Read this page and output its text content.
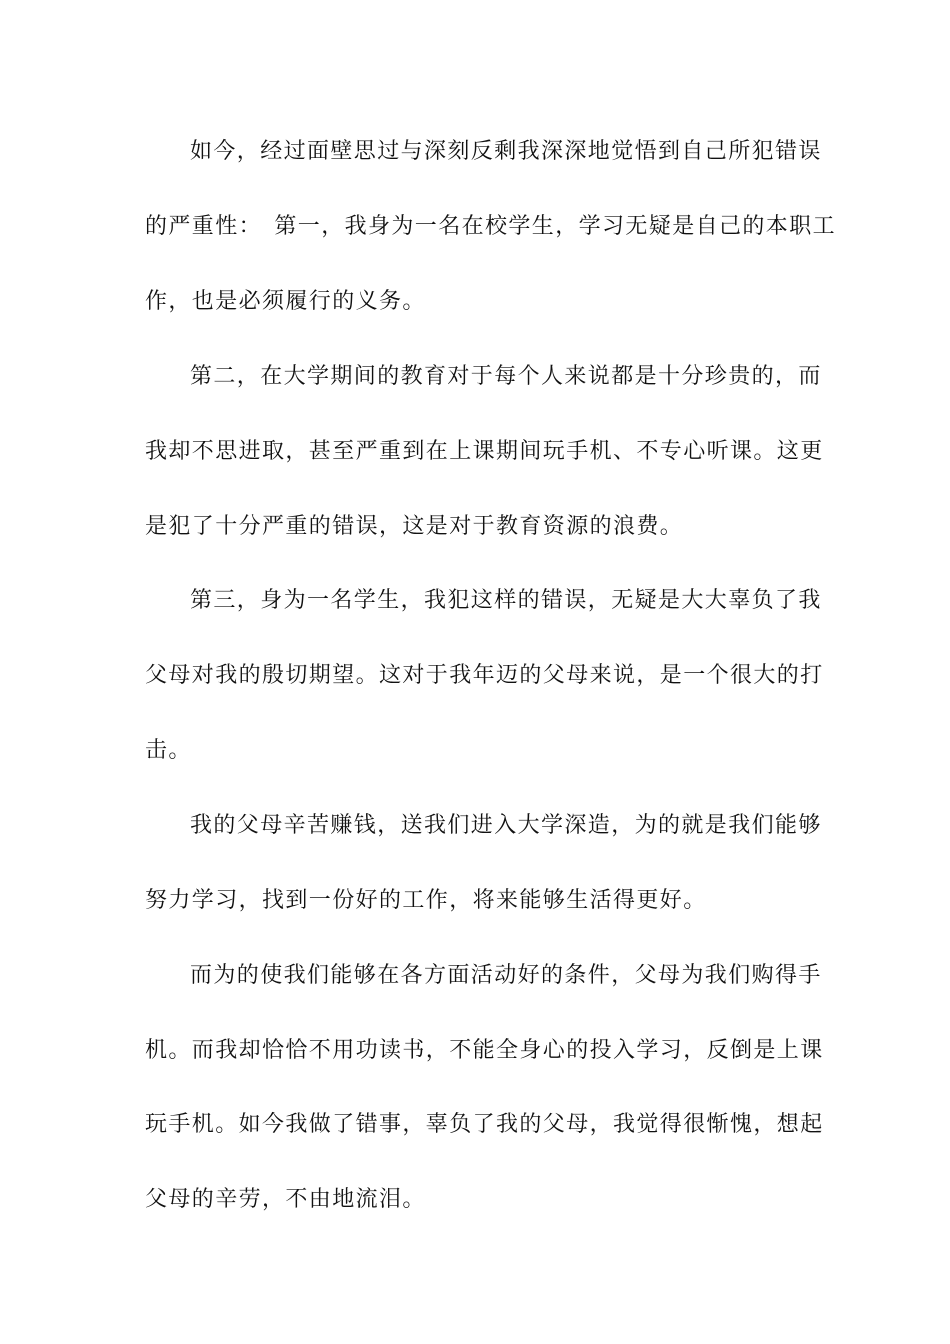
如今，经过面壁思过与深刻反剩我深深地觉悟到自己所犯错误
的严重性：　第一，我身为一名在校学生，学习无疑是自己的本职工
作，也是必须履行的义务。
第二，在大学期间的教育对于每个人来说都是十分珍贵的，而
我却不思进取，甚至严重到在上课期间玩手机、不专心听课。这更
是犯了十分严重的错误，这是对于教育资源的浪费。
第三，身为一名学生，我犯这样的错误，无疑是大大辜负了我
父母对我的殷切期望。这对于我年迈的父母来说，是一个很大的打
击。
我的父母辛苦赚钱，送我们进入大学深造，为的就是我们能够
努力学习，找到一份好的工作，将来能够生活得更好。
而为的使我们能够在各方面活动好的条件，父母为我们购得手
机。而我却恰恰不用功读书，不能全身心的投入学习，反倒是上课
玩手机。如今我做了错事，辜负了我的父母，我觉得很惭愧，想起
父母的辛劳，不由地流泪。
